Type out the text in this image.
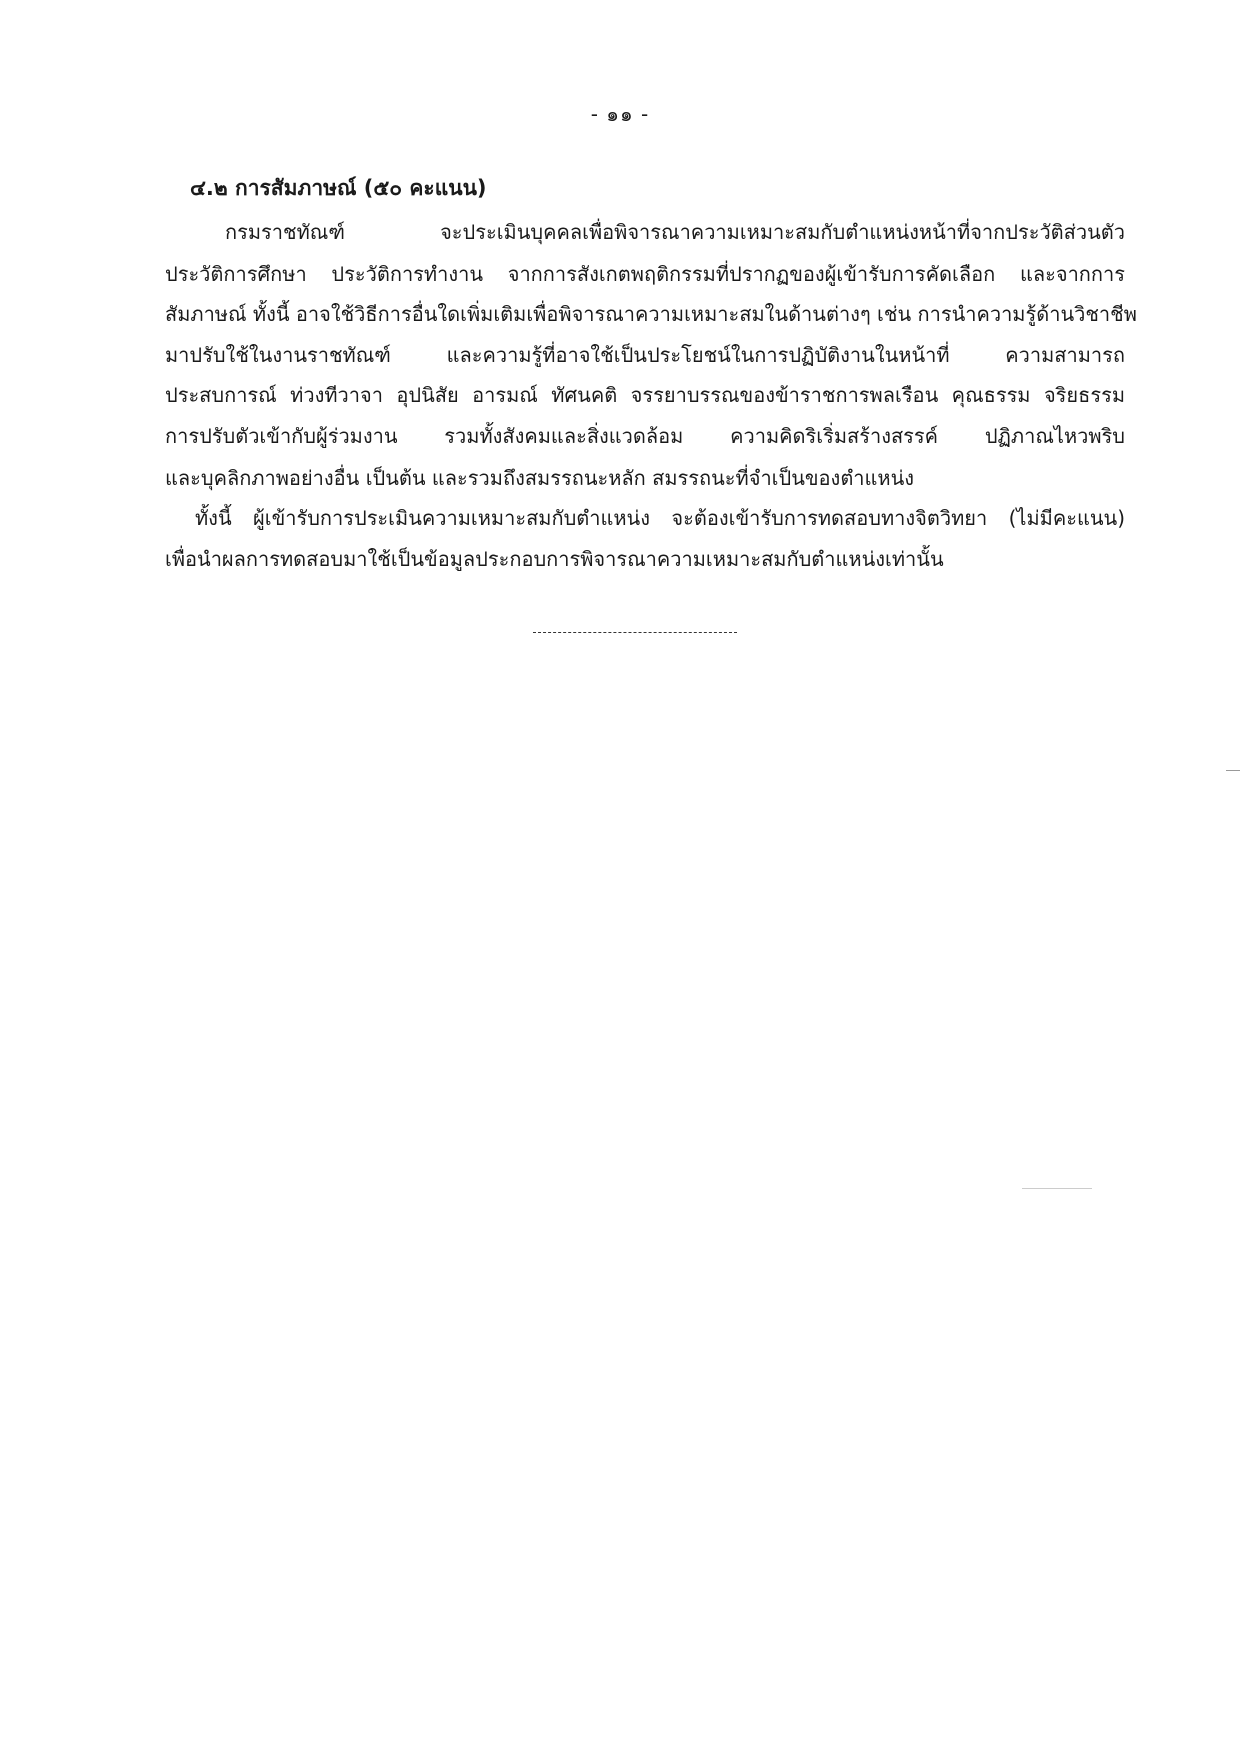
- ๑๑ -
๔.๒ การสัมภาษณ์ (๕๐ คะแนน)
กรมราชทัณฑ์ จะประเมินบุคคลเพื่อพิจารณาความเหมาะสมกับตำแหน่งหน้าที่จากประวัติส่วนตัว
ประวัติการศึกษา ประวัติการทำงาน จากการสังเกตพฤติกรรมที่ปรากฏของผู้เข้ารับการคัดเลือก และจากการ
สัมภาษณ์ ทั้งนี้ อาจใช้วิธีการอื่นใดเพิ่มเติมเพื่อพิจารณาความเหมาะสมในด้านต่างๆ เช่น การนำความรู้ด้านวิชาชีพ
มาปรับใช้ในงานราชทัณฑ์ และความรู้ที่อาจใช้เป็นประโยชน์ในการปฏิบัติงานในหน้าที่ ความสามารถ
ประสบการณ์ ท่วงทีวาจา อุปนิสัย อารมณ์ ทัศนคติ จรรยาบรรณของข้าราชการพลเรือน คุณธรรม จริยธรรม
การปรับตัวเข้ากับผู้ร่วมงาน รวมทั้งสังคมและสิ่งแวดล้อม ความคิดริเริ่มสร้างสรรค์ ปฏิภาณไหวพริบ
และบุคลิกภาพอย่างอื่น เป็นต้น และรวมถึงสมรรถนะหลัก สมรรถนะที่จำเป็นของตำแหน่ง
ทั้งนี้ ผู้เข้ารับการประเมินความเหมาะสมกับตำแหน่ง จะต้องเข้ารับการทดสอบทางจิตวิทยา (ไม่มีคะแนน)
เพื่อนำผลการทดสอบมาใช้เป็นข้อมูลประกอบการพิจารณาความเหมาะสมกับตำแหน่งเท่านั้น
